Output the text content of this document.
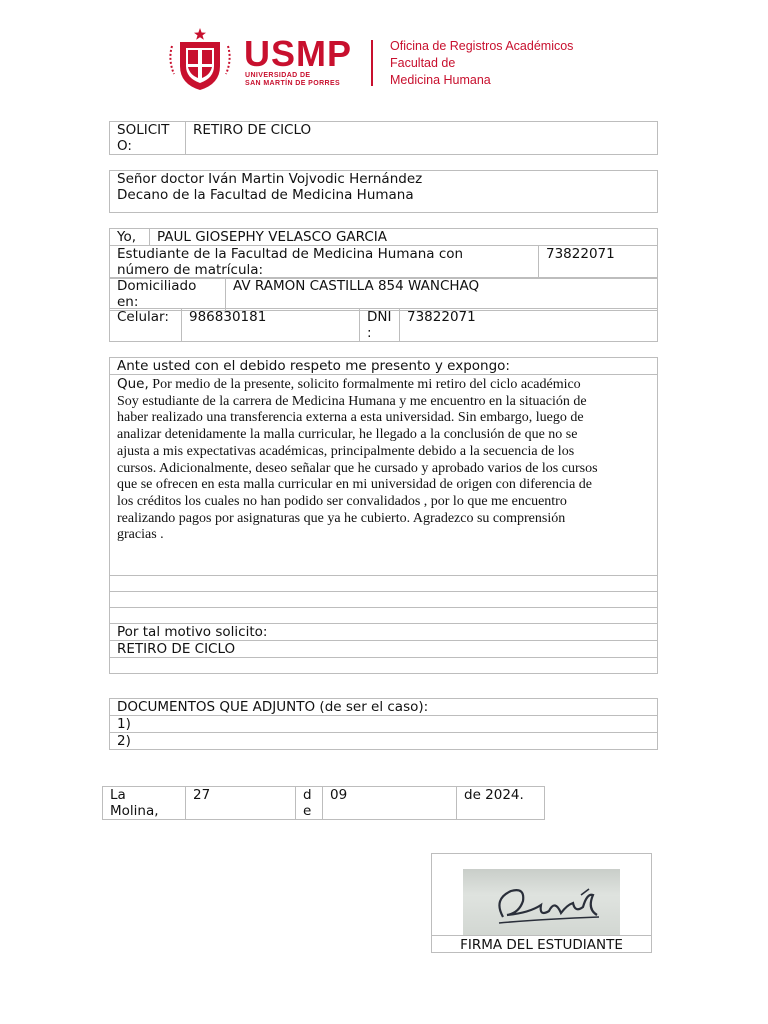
USMP
UNIVERSIDAD DE
SAN MARTÍN DE PORRES
Oficina de Registros Académicos
Facultad de
Medicina Humana
SOLICIT
O:
	RETIRO DE CICLO
Señor doctor Iván Martin Vojvodic Hernández
Decano de la Facultad de Medicina Humana
Yo,	PAUL GIOSEPHY VELASCO GARCIA
Estudiante de la Facultad de Medicina Humana con
número de matrícula:
	73822071
Domiciliado
en:
	AV RAMON CASTILLA 854 WANCHAQ
Celular:	986830181	DNI
:
	73822071
Ante usted con el debido respeto me presento y expongo:

Que, Por medio de la presente, solicito formalmente mi retiro del ciclo académico
Soy estudiante de la carrera de Medicina Humana y me encuentro en la situación de
haber realizado una transferencia externa a esta universidad. Sin embargo, luego de
analizar detenidamente la malla curricular, he llegado a la conclusión de que no se
ajusta a mis expectativas académicas, principalmente debido a la secuencia de los
cursos. Adicionalmente, deseo señalar que he cursado y aprobado varios de los cursos
que se ofrecen en esta malla curricular en mi universidad de origen con diferencia de
los créditos los cuales no han podido ser convalidados , por lo que me encuentro
realizando pagos por asignaturas que ya he cubierto. Agradezco su comprensión
gracias .

Por tal motivo solicito:
RETIRO DE CICLO

DOCUMENTOS QUE ADJUNTO (de ser el caso):
1)
2)
La
Molina,
	27	d
e
	09	de 2024.
FIRMA DEL ESTUDIANTE
